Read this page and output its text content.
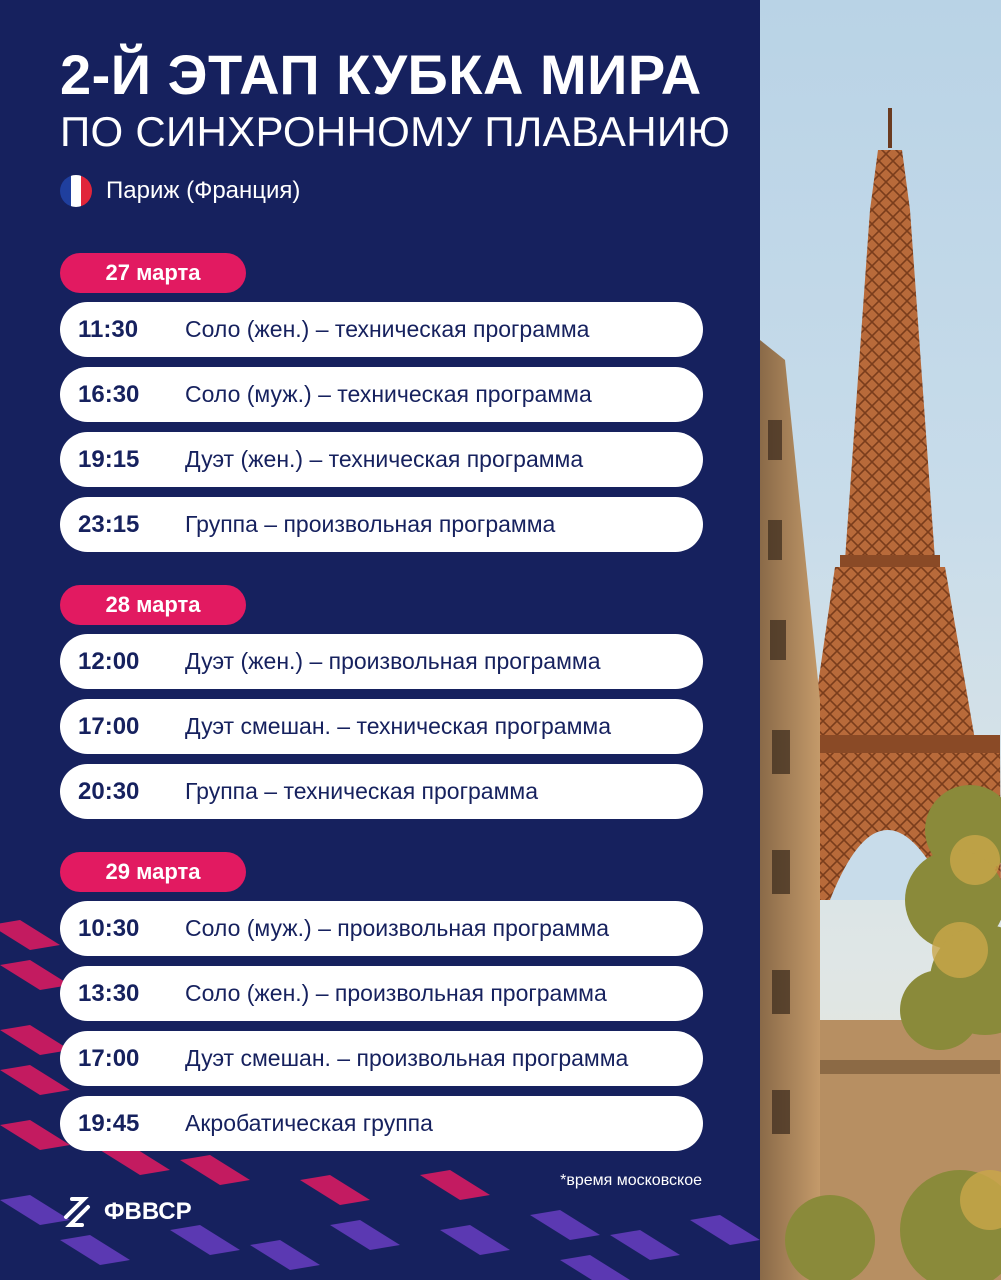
2-Й ЭТАП КУБКА МИРА
ПО СИНХРОННОМУ ПЛАВАНИЮ
Париж (Франция)
27 марта
11:30	Соло (жен.) – техническая программа
16:30	Соло (муж.) – техническая программа
19:15	Дуэт (жен.) – техническая программа
23:15	Группа – произвольная программа
28 марта
12:00	Дуэт (жен.) – произвольная программа
17:00	Дуэт смешан. – техническая программа
20:30	Группа – техническая программа
29 марта
10:30	Соло (муж.) – произвольная программа
13:30	Соло (жен.) – произвольная программа
17:00	Дуэт смешан. – произвольная программа
19:45	Акробатическая группа
*время московское
ФВВСР
